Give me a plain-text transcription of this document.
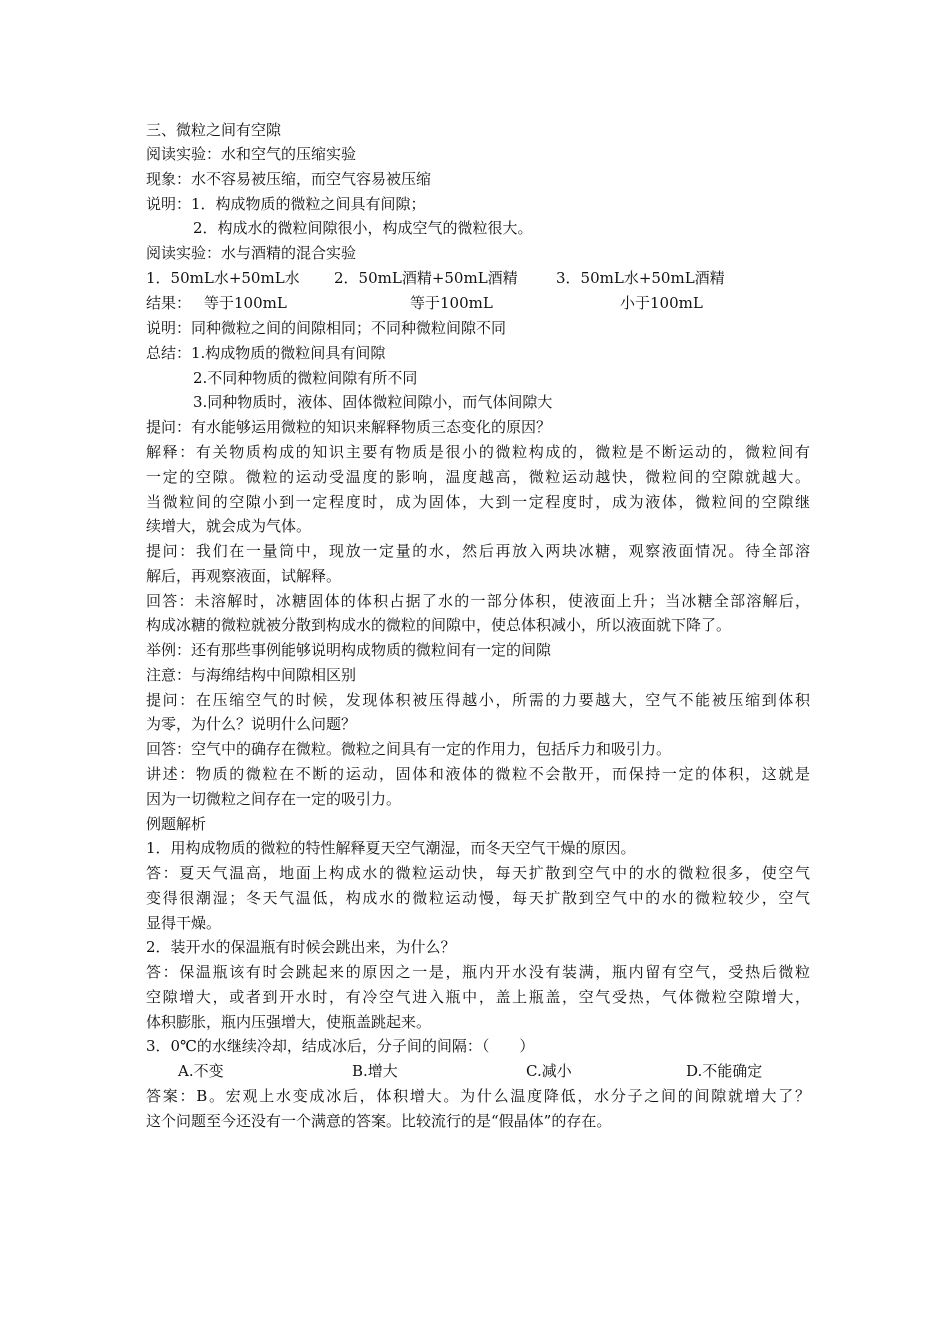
三、微粒之间有空隙
阅读实验：水和空气的压缩实验
现象：水不容易被压缩，而空气容易被压缩
说明：1．构成物质的微粒之间具有间隙；
2．构成水的微粒间隙很小，构成空气的微粒很大。
阅读实验：水与酒精的混合实验
1．50mL水+50mL水 2．50mL酒精+50mL酒精	3．50mL水+50mL酒精
结果： 等于100mL	等于100mL	小于100mL
说明：同种微粒之间的间隙相同；不同种微粒间隙不同
总结：1.构成物质的微粒间具有间隙
2.不同种物质的微粒间隙有所不同
3.同种物质时，液体、固体微粒间隙小，而气体间隙大
提问：有水能够运用微粒的知识来解释物质三态变化的原因？
解释：有关物质构成的知识主要有物质是很小的微粒构成的，微粒是不断运动的，微粒间有
一定的空隙。微粒的运动受温度的影响，温度越高，微粒运动越快，微粒间的空隙就越大。
当微粒间的空隙小到一定程度时，成为固体，大到一定程度时，成为液体，微粒间的空隙继
续增大，就会成为气体。
提问：我们在一量筒中，现放一定量的水，然后再放入两块冰糖，观察液面情况。待全部溶
解后，再观察液面，试解释。
回答：未溶解时，冰糖固体的体积占据了水的一部分体积，使液面上升；当冰糖全部溶解后，
构成冰糖的微粒就被分散到构成水的微粒的间隙中，使总体积减小，所以液面就下降了。
举例：还有那些事例能够说明构成物质的微粒间有一定的间隙
注意：与海绵结构中间隙相区别
提问：在压缩空气的时候，发现体积被压得越小，所需的力要越大，空气不能被压缩到体积
为零，为什么？说明什么问题？
回答：空气中的确存在微粒。微粒之间具有一定的作用力，包括斥力和吸引力。
讲述：物质的微粒在不断的运动，固体和液体的微粒不会散开，而保持一定的体积，这就是
因为一切微粒之间存在一定的吸引力。
例题解析
1．用构成物质的微粒的特性解释夏天空气潮湿，而冬天空气干燥的原因。
答：夏天气温高，地面上构成水的微粒运动快，每天扩散到空气中的水的微粒很多，使空气
变得很潮湿；冬天气温低，构成水的微粒运动慢，每天扩散到空气中的水的微粒较少，空气
显得干燥。
2．装开水的保温瓶有时候会跳出来，为什么？
答：保温瓶该有时会跳起来的原因之一是，瓶内开水没有装满，瓶内留有空气，受热后微粒
空隙增大，或者到开水时，有冷空气进入瓶中，盖上瓶盖，空气受热，气体微粒空隙增大，
体积膨胀，瓶内压强增大，使瓶盖跳起来。
3．0℃的水继续冷却，结成冰后，分子间的间隔：（　　）
A.不变	B.增大	C.减小	D.不能确定
答案：B。宏观上水变成冰后，体积增大。为什么温度降低，水分子之间的间隙就增大了？
这个问题至今还没有一个满意的答案。比较流行的是“假晶体”的存在。
